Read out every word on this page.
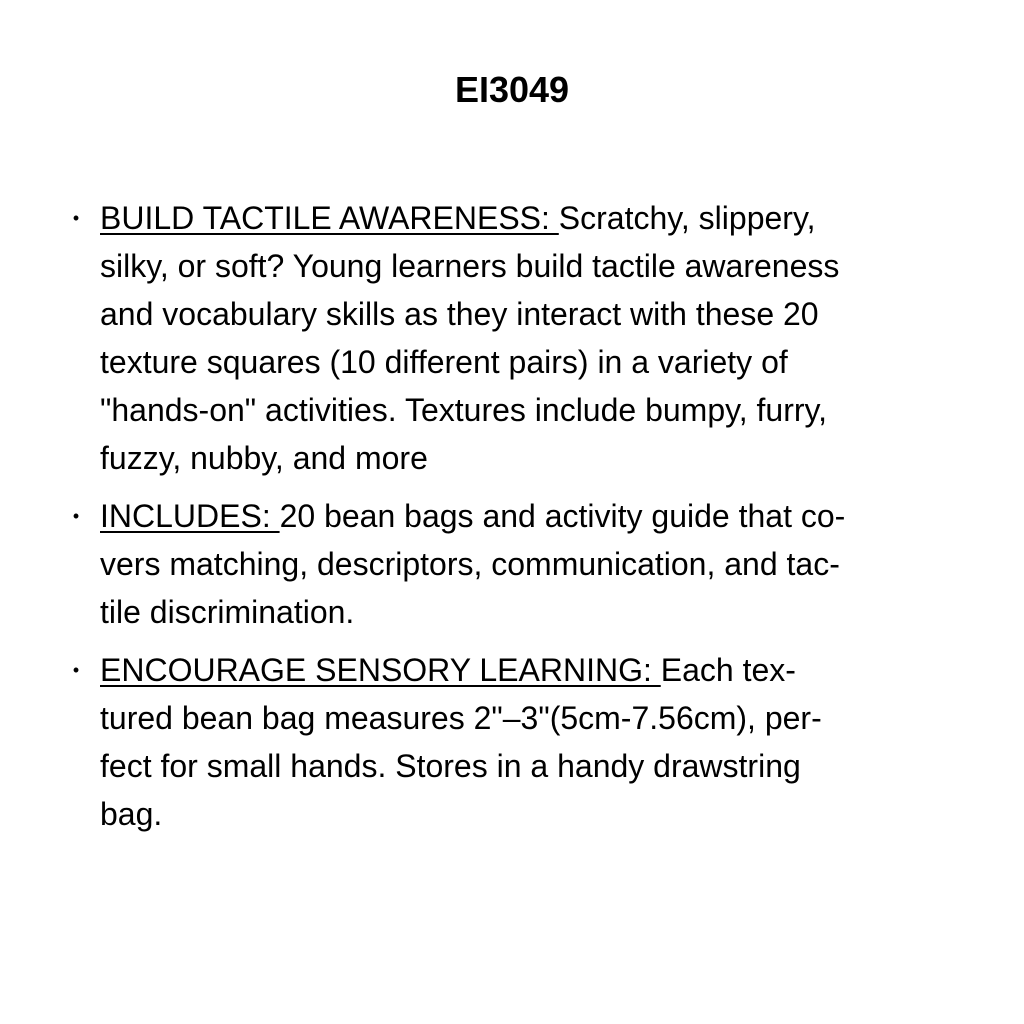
EI3049
• BUILD TACTILE AWARENESS: Scratchy, slippery,
silky, or soft? Young learners build tactile awareness
and vocabulary skills as they interact with these 20
texture squares (10 different pairs) in a variety of
"hands-on" activities. Textures include bumpy, furry,
fuzzy, nubby, and more
• INCLUDES: 20 bean bags and activity guide that co-
vers matching, descriptors, communication, and tac-
tile discrimination.
• ENCOURAGE SENSORY LEARNING: Each tex-
tured bean bag measures 2"–3"(5cm-7.56cm), per-
fect for small hands. Stores in a handy drawstring
bag.
